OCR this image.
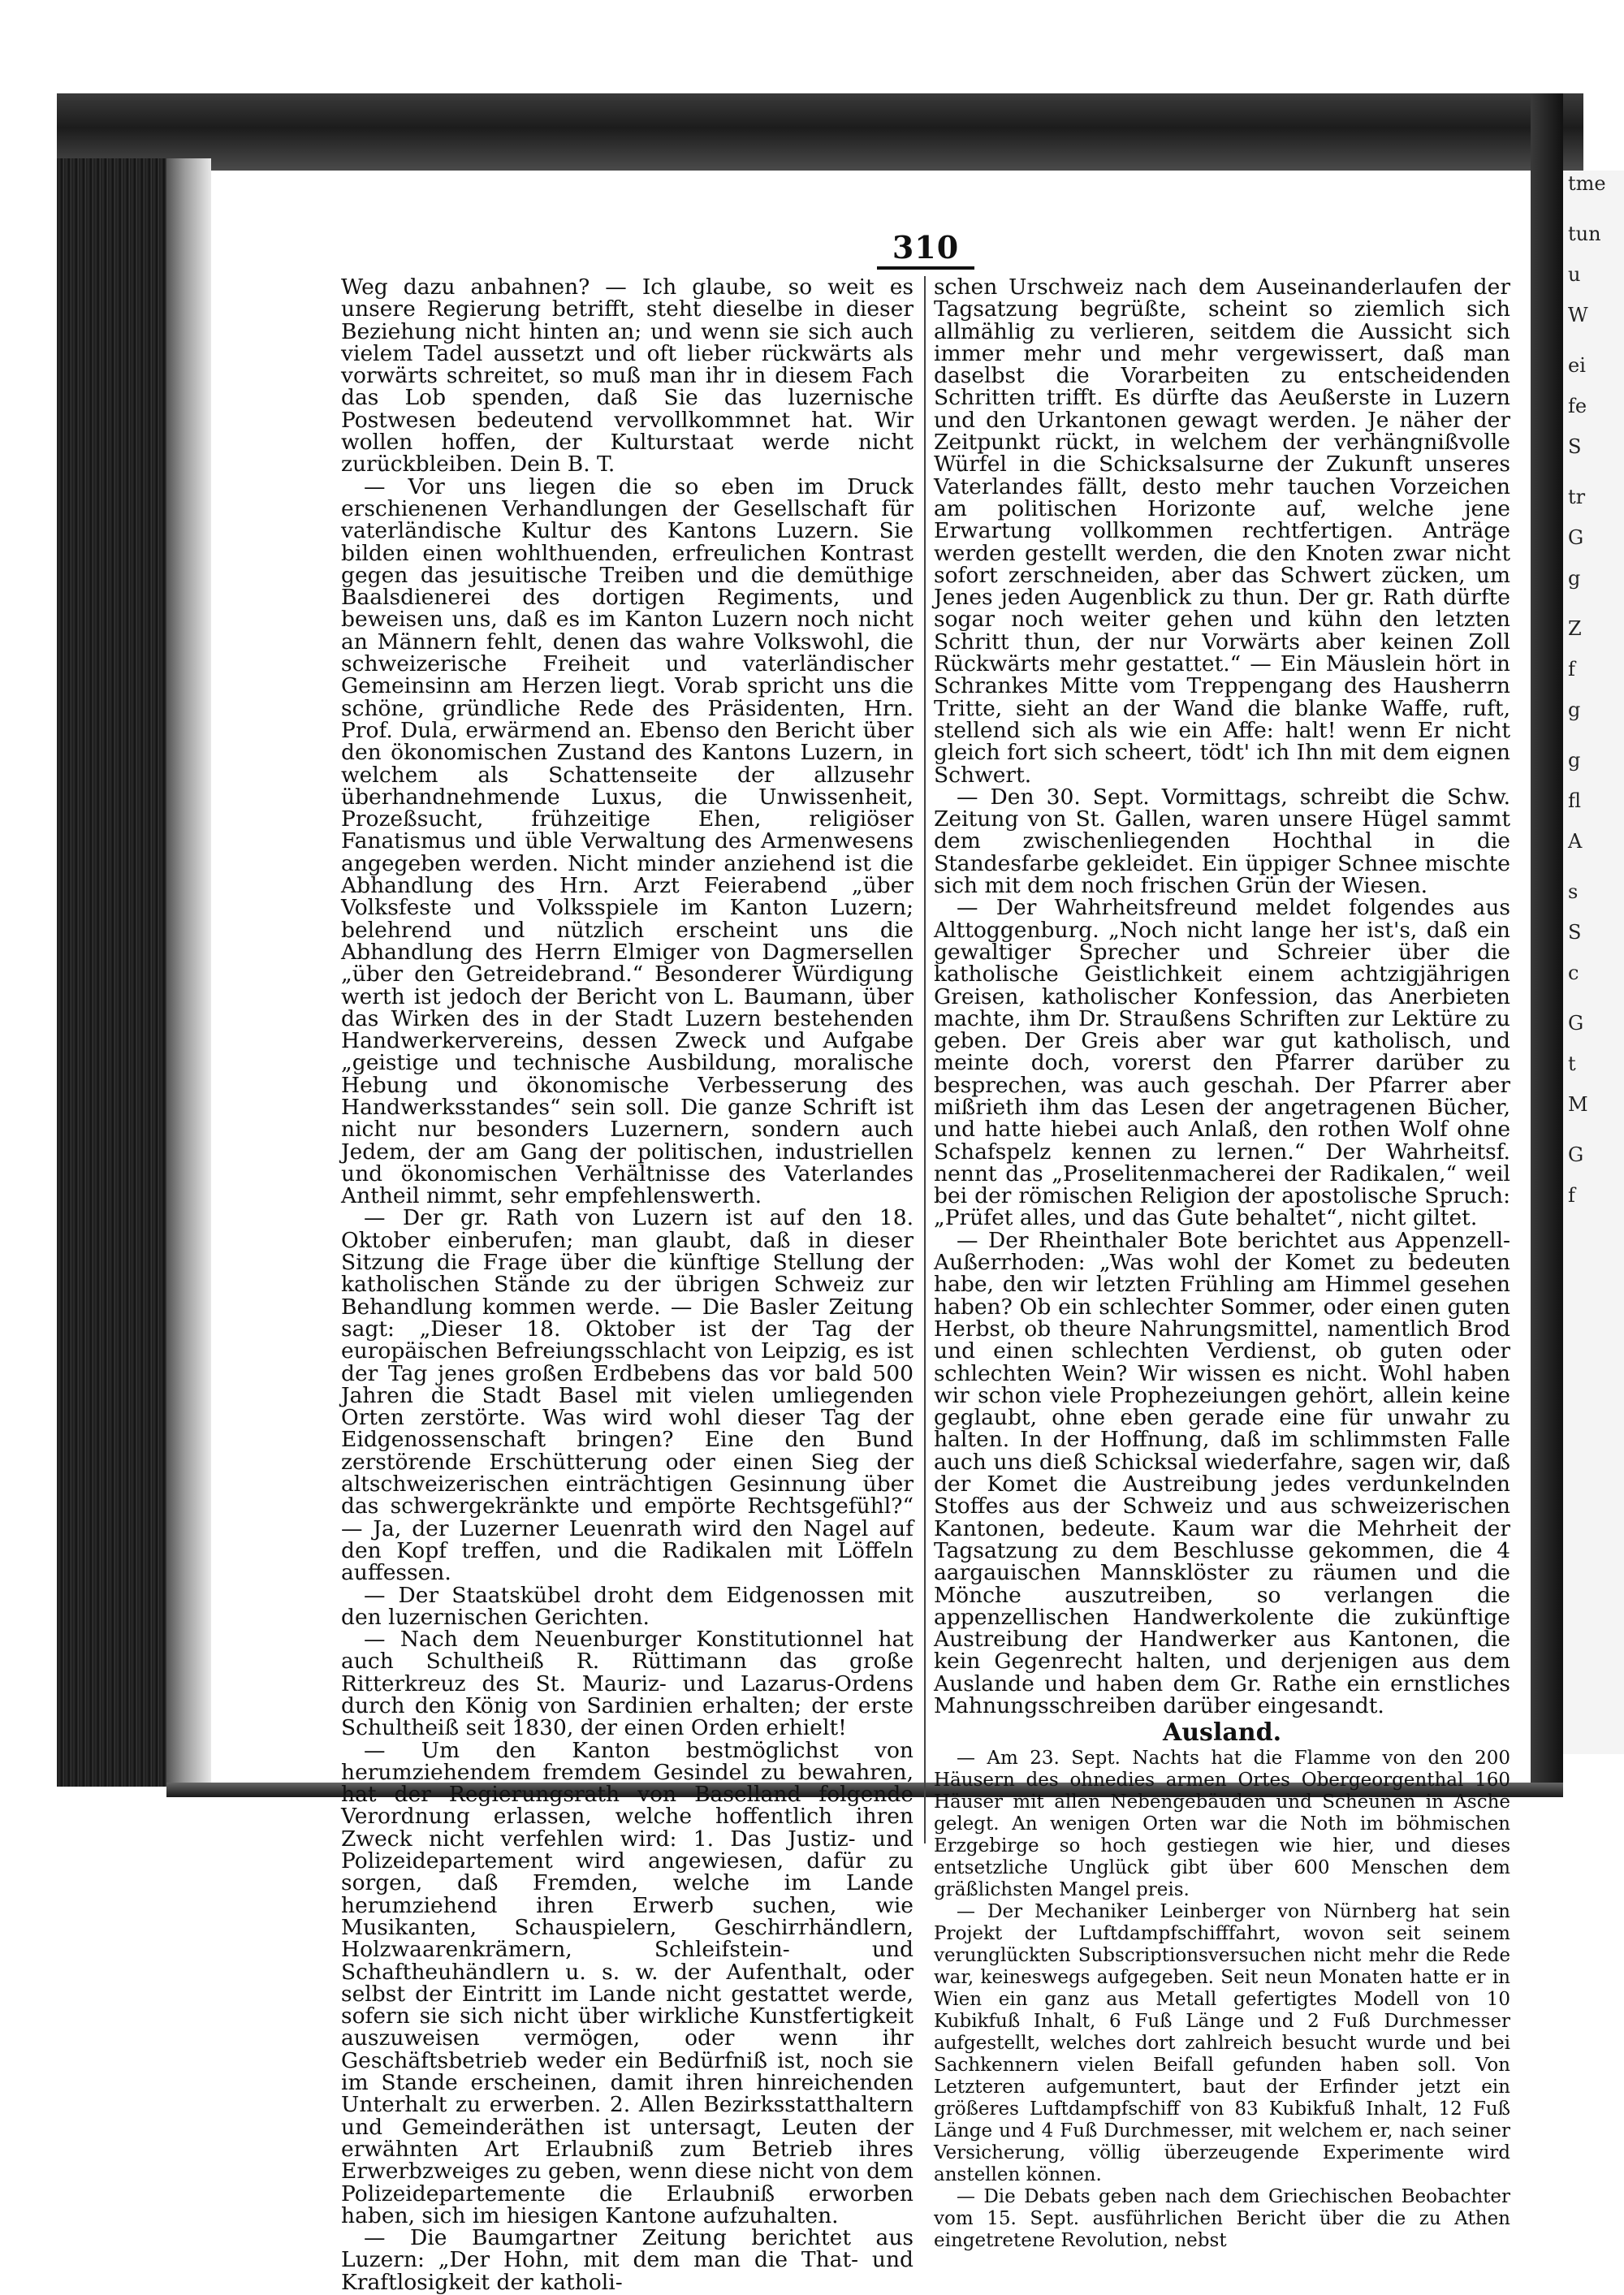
tme
tun
u
W
ei
fe
S
tr
G
g
Z
f
g
g
fl
A
s
S
c
G
t
M
G
f
310

Weg dazu anbahnen? — Ich glaube, so weit es unsere Regierung betrifft, steht dieselbe in dieser Beziehung nicht hinten an; und wenn sie sich auch vielem Tadel aussetzt und oft lieber rückwärts als vorwärts schreitet, so muß man ihr in diesem Fach das Lob spenden, daß Sie das luzernische Postwesen bedeutend vervollkommnet hat. Wir wollen hoffen, der Kulturstaat werde nicht zurückbleiben. Dein B. T.

— Vor uns liegen die so eben im Druck erschienenen Verhandlungen der Gesellschaft für vaterländische Kultur des Kantons Luzern. Sie bilden einen wohlthuenden, erfreulichen Kontrast gegen das jesuitische Treiben und die demüthige Baalsdienerei des dortigen Regiments, und beweisen uns, daß es im Kanton Luzern noch nicht an Männern fehlt, denen das wahre Volkswohl, die schweizerische Freiheit und vaterländischer Gemeinsinn am Herzen liegt. Vorab spricht uns die schöne, gründliche Rede des Präsidenten, Hrn. Prof. Dula, erwärmend an. Ebenso den Bericht über den ökonomischen Zustand des Kantons Luzern, in welchem als Schattenseite der allzusehr überhandnehmende Luxus, die Unwissenheit, Prozeßsucht, frühzeitige Ehen, religiöser Fanatismus und üble Verwaltung des Armenwesens angegeben werden. Nicht minder anziehend ist die Abhandlung des Hrn. Arzt Feierabend „über Volksfeste und Volksspiele im Kanton Luzern; belehrend und nützlich erscheint uns die Abhandlung des Herrn Elmiger von Dagmersellen „über den Getreidebrand.“ Besonderer Würdigung werth ist jedoch der Bericht von L. Baumann, über das Wirken des in der Stadt Luzern bestehenden Handwerkervereins, dessen Zweck und Aufgabe „geistige und technische Ausbildung, moralische Hebung und ökonomische Verbesserung des Handwerksstandes“ sein soll. Die ganze Schrift ist nicht nur besonders Luzernern, sondern auch Jedem, der am Gang der politischen, industriellen und ökonomischen Verhältnisse des Vaterlandes Antheil nimmt, sehr empfehlenswerth.

— Der gr. Rath von Luzern ist auf den 18. Oktober einberufen; man glaubt, daß in dieser Sitzung die Frage über die künftige Stellung der katholischen Stände zu der übrigen Schweiz zur Behandlung kommen werde. — Die Basler Zeitung sagt: „Dieser 18. Oktober ist der Tag der europäischen Befreiungsschlacht von Leipzig, es ist der Tag jenes großen Erdbebens das vor bald 500 Jahren die Stadt Basel mit vielen umliegenden Orten zerstörte. Was wird wohl dieser Tag der Eidgenossenschaft bringen? Eine den Bund zerstörende Erschütterung oder einen Sieg der altschweizerischen einträchtigen Gesinnung über das schwergekränkte und empörte Rechtsgefühl?“ — Ja, der Luzerner Leuenrath wird den Nagel auf den Kopf treffen, und die Radikalen mit Löffeln auffessen.

— Der Staatskübel droht dem Eidgenossen mit den luzernischen Gerichten.

— Nach dem Neuenburger Konstitutionnel hat auch Schultheiß R. Rüttimann das große Ritterkreuz des St. Mauriz- und Lazarus-Ordens durch den König von Sardinien erhalten; der erste Schultheiß seit 1830, der einen Orden erhielt!

— Um den Kanton bestmöglichst von herumziehendem fremdem Gesindel zu bewahren, hat der Regierungsrath von Baselland folgende Verordnung erlassen, welche hoffentlich ihren Zweck nicht verfehlen wird: 1. Das Justiz- und Polizeidepartement wird angewiesen, dafür zu sorgen, daß Fremden, welche im Lande herumziehend ihren Erwerb suchen, wie Musikanten, Schauspielern, Geschirrhändlern, Holzwaarenkrämern, Schleifstein- und Schaftheuhändlern u. s. w. der Aufenthalt, oder selbst der Eintritt im Lande nicht gestattet werde, sofern sie sich nicht über wirkliche Kunstfertigkeit auszuweisen vermögen, oder wenn ihr Geschäftsbetrieb weder ein Bedürfniß ist, noch sie im Stande erscheinen, damit ihren hinreichenden Unterhalt zu erwerben. 2. Allen Bezirksstatthaltern und Gemeinderäthen ist untersagt, Leuten der erwähnten Art Erlaubniß zum Betrieb ihres Erwerbzweiges zu geben, wenn diese nicht von dem Polizeidepartemente die Erlaubniß erworben haben, sich im hiesigen Kantone aufzuhalten.

— Die Baumgartner Zeitung berichtet aus Luzern: „Der Hohn, mit dem man die That- und Kraftlosigkeit der katholi-

schen Urschweiz nach dem Auseinanderlaufen der Tagsatzung begrüßte, scheint so ziemlich sich allmählig zu verlieren, seitdem die Aussicht sich immer mehr und mehr vergewissert, daß man daselbst die Vorarbeiten zu entscheidenden Schritten trifft. Es dürfte das Aeußerste in Luzern und den Urkantonen gewagt werden. Je näher der Zeitpunkt rückt, in welchem der verhängnißvolle Würfel in die Schicksalsurne der Zukunft unseres Vaterlandes fällt, desto mehr tauchen Vorzeichen am politischen Horizonte auf, welche jene Erwartung vollkommen rechtfertigen. Anträge werden gestellt werden, die den Knoten zwar nicht sofort zerschneiden, aber das Schwert zücken, um Jenes jeden Augenblick zu thun. Der gr. Rath dürfte sogar noch weiter gehen und kühn den letzten Schritt thun, der nur Vorwärts aber keinen Zoll Rückwärts mehr gestattet.“ — Ein Mäuslein hört in Schrankes Mitte vom Treppengang des Hausherrn Tritte, sieht an der Wand die blanke Waffe, ruft, stellend sich als wie ein Affe: halt! wenn Er nicht gleich fort sich scheert, tödt' ich Ihn mit dem eignen Schwert.

— Den 30. Sept. Vormittags, schreibt die Schw. Zeitung von St. Gallen, waren unsere Hügel sammt dem zwischenliegenden Hochthal in die Standesfarbe gekleidet. Ein üppiger Schnee mischte sich mit dem noch frischen Grün der Wiesen.

— Der Wahrheitsfreund meldet folgendes aus Alttoggenburg. „Noch nicht lange her ist's, daß ein gewaltiger Sprecher und Schreier über die katholische Geistlichkeit einem achtzigjährigen Greisen, katholischer Konfession, das Anerbieten machte, ihm Dr. Straußens Schriften zur Lektüre zu geben. Der Greis aber war gut katholisch, und meinte doch, vorerst den Pfarrer darüber zu besprechen, was auch geschah. Der Pfarrer aber mißrieth ihm das Lesen der angetragenen Bücher, und hatte hiebei auch Anlaß, den rothen Wolf ohne Schafspelz kennen zu lernen.“ Der Wahrheitsf. nennt das „Proselitenmacherei der Radikalen,“ weil bei der römischen Religion der apostolische Spruch: „Prüfet alles, und das Gute behaltet“, nicht giltet.

— Der Rheinthaler Bote berichtet aus Appenzell-Außerrhoden: „Was wohl der Komet zu bedeuten habe, den wir letzten Frühling am Himmel gesehen haben? Ob ein schlechter Sommer, oder einen guten Herbst, ob theure Nahrungsmittel, namentlich Brod und einen schlechten Verdienst, ob guten oder schlechten Wein? Wir wissen es nicht. Wohl haben wir schon viele Prophezeiungen gehört, allein keine geglaubt, ohne eben gerade eine für unwahr zu halten. In der Hoffnung, daß im schlimmsten Falle auch uns dieß Schicksal wiederfahre, sagen wir, daß der Komet die Austreibung jedes verdunkelnden Stoffes aus der Schweiz und aus schweizerischen Kantonen, bedeute. Kaum war die Mehrheit der Tagsatzung zu dem Beschlusse gekommen, die 4 aargauischen Mannsklöster zu räumen und die Mönche auszutreiben, so verlangen die appenzellischen Handwerkolente die zukünftige Austreibung der Handwerker aus Kantonen, die kein Gegenrecht halten, und derjenigen aus dem Auslande und haben dem Gr. Rathe ein ernstliches Mahnungsschreiben darüber eingesandt.

Ausland.

— Am 23. Sept. Nachts hat die Flamme von den 200 Häusern des ohnedies armen Ortes Obergeorgenthal 160 Häuser mit allen Nebengebäuden und Scheunen in Asche gelegt. An wenigen Orten war die Noth im böhmischen Erzgebirge so hoch gestiegen wie hier, und dieses entsetzliche Unglück gibt über 600 Menschen dem gräßlichsten Mangel preis.

— Der Mechaniker Leinberger von Nürnberg hat sein Projekt der Luftdampfschifffahrt, wovon seit seinem verunglückten Subscriptionsversuchen nicht mehr die Rede war, keineswegs aufgegeben. Seit neun Monaten hatte er in Wien ein ganz aus Metall gefertigtes Modell von 10 Kubikfuß Inhalt, 6 Fuß Länge und 2 Fuß Durchmesser aufgestellt, welches dort zahlreich besucht wurde und bei Sachkennern vielen Beifall gefunden haben soll. Von Letzteren aufgemuntert, baut der Erfinder jetzt ein größeres Luftdampfschiff von 83 Kubikfuß Inhalt, 12 Fuß Länge und 4 Fuß Durchmesser, mit welchem er, nach seiner Versicherung, völlig überzeugende Experimente wird anstellen können.

— Die Debats geben nach dem Griechischen Beobachter vom 15. Sept. ausführlichen Bericht über die zu Athen eingetretene Revolution, nebst
